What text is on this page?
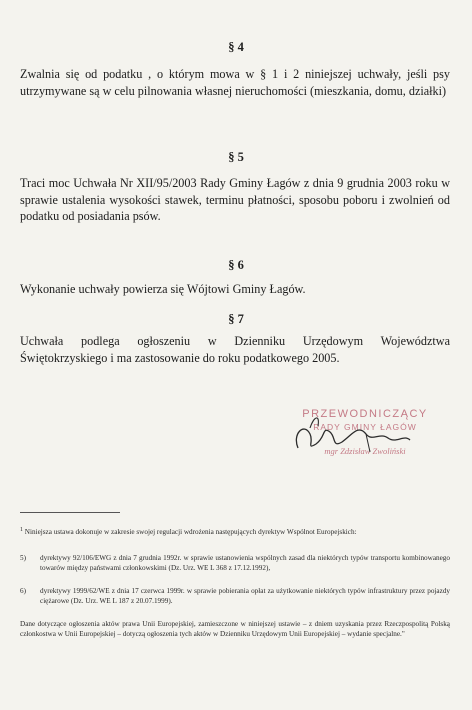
§ 4
Zwalnia się od podatku , o którym mowa w § 1 i 2 niniejszej uchwały, jeśli psy utrzymywane są w celu pilnowania własnej nieruchomości (mieszkania, domu, działki)
§ 5
Traci moc Uchwała Nr XII/95/2003 Rady Gminy Łagów z dnia 9 grudnia 2003 roku w sprawie ustalenia wysokości stawek, terminu płatności, sposobu poboru i zwolnień od podatku od posiadania psów.
§ 6
Wykonanie uchwały powierza się Wójtowi Gminy Łagów.
§ 7
Uchwała podlega ogłoszeniu w Dzienniku Urzędowym Województwa Świętokrzyskiego i ma zastosowanie do roku podatkowego 2005.
PRZEWODNICZĄCY
RADY GMINY ŁAGÓW
mgr Zdzisław Zwoliński
$^1$ Niniejsza ustawa dokonuje w zakresie swojej regulacji wdrożenia następujących dyrektyw Wspólnot Europejskich:
5) dyrektywy 92/106/EWG z dnia 7 grudnia 1992r. w sprawie ustanowienia wspólnych zasad dla niektórych typów transportu kombinowanego towarów między państwami członkowskimi (Dz. Urz. WE L 368 z 17.12.1992),
6) dyrektywy 1999/62/WE z dnia 17 czerwca 1999r. w sprawie pobierania opłat za użytkowanie niektórych typów infrastruktury przez pojazdy ciężarowe (Dz. Urz. WE L 187 z 20.07.1999).
Dane dotyczące ogłoszenia aktów prawa Unii Europejskiej, zamieszczone w niniejszej ustawie – z dniem uzyskania przez Rzeczpospolitą Polską członkostwa w Unii Europejskiej – dotyczą ogłoszenia tych aktów w Dzienniku Urzędowym Unii Europejskiej – wydanie specjalne."
